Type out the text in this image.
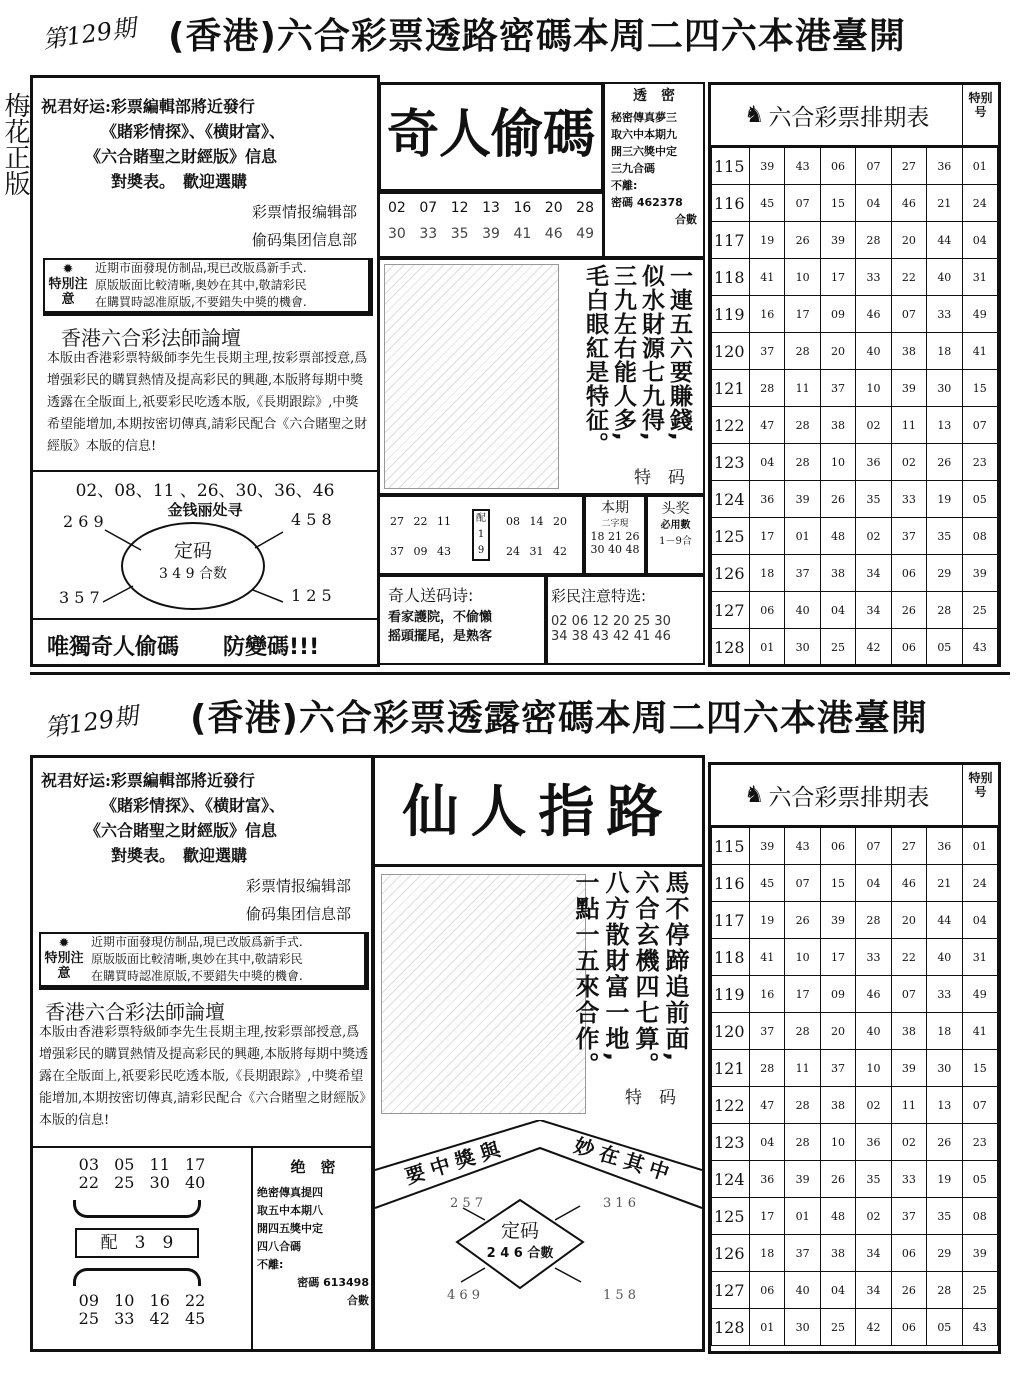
第129期 (香港)六合彩票透路密碼本周二四六本港臺開
梅花正版 祝君好运:彩票編輯部將近發行
《賭彩情探》、《横財富》、
《六合賭聖之財經版》信息
對奬表。　歡迎選購
彩票情报编辑部
偷码集团信息部
✹
特別注意
近期市面發現仿制品,現已改版爲新手式.
原版版面比較清晰,奥妙在其中,敬請彩民
在購買時認准原版,不要錯失中獎的機會.
香港六合彩法師論壇
本版由香港彩票特級師李先生長期主理,按彩票部授意,爲增强彩民的購買熱情及提高彩民的興趣,本版將每期中獎透露在全版面上,祇要彩民吃透本版,《長期跟踪》,中獎希望能增加,本期按密切傳真,請彩民配合《六合賭聖之財經版》本版的信息!
02、08、11 、26、30、36、46
金钱丽处寻
2 6 9	4 5 8
3 5 7	1 2 5
定码
3 4 9 合数
唯獨奇人偷碼　　防變碼!!!
奇人偷碼
02 07 12 13 16 20 28
30 33 35 39 41 46 49
透　密
秘密傳真夢三
取六中本期九
開三六獎中定
三九合碼
不離:
密碼 462378
合數
一連五六要賺錢,
似水財源七九得,
三九左右能人多,
毛白眼紅是特征。
特　码
27 22 11
37 09 43
配
1
9
08 14 20
24 31 42
本期
二字現
18 21 26
30 40 48
头奖
必用數
1－9合
奇人送码诗:
看家護院，不偷懶
摇頭擺尾，是熟客
彩民注意特选:
02 06 12 20 25 30
34 38 43 42 41 46
♞ 六合彩票排期表
特别号
115	39	43	06	07	27	36	01
116	45	07	15	04	46	21	24
117	19	26	39	28	20	44	04
118	41	10	17	33	22	40	31
119	16	17	09	46	07	33	49
120	37	28	20	40	38	18	41
121	28	11	37	10	39	30	15
122	47	28	38	02	11	13	07
123	04	28	10	36	02	26	23
124	36	39	26	35	33	19	05
125	17	01	48	02	37	35	08
126	18	37	38	34	06	29	39
127	06	40	04	34	26	28	25
128	01	30	25	42	06	05	43
第129期 (香港)六合彩票透露密碼本周二四六本港臺開
祝君好运:彩票編輯部將近發行
《賭彩情探》、《横財富》、
《六合賭聖之財經版》信息
對奬表。　歡迎選購
彩票情报编辑部
偷码集团信息部
✹
特別注意
近期市面發現仿制品,現已改版爲新手式.
原版版面比較清晰,奥妙在其中,敬請彩民
在購買時認准原版,不要錯失中獎的機會.
香港六合彩法師論壇
本版由香港彩票特級師李先生長期主理,按彩票部授意,爲增强彩民的購買熱情及提高彩民的興趣,本版將每期中獎透露在全版面上,祇要彩民吃透本版,《長期跟踪》,中獎希望能增加,本期按密切傳真,請彩民配合《六合賭聖之財經版》本版的信息!
03 05 11 17
22 25 30 40
配　3　9
09 10 16 22
25 33 42 45
绝　密
绝密傳真提四
取五中本期八
開四五獎中定
四八合碼
不離:
密碼 613498
合數
仙人指路
馬不停蹄追前面,
六合玄機四七算。
八方散財富一地,
一點一五來合作。
特　码
要中獎與	妙在其中
2 5 7	3 1 6
4 6 9	1 5 8
定码
2 4 6 合數
♞ 六合彩票排期表
特别号
115	39	43	06	07	27	36	01
116	45	07	15	04	46	21	24
117	19	26	39	28	20	44	04
118	41	10	17	33	22	40	31
119	16	17	09	46	07	33	49
120	37	28	20	40	38	18	41
121	28	11	37	10	39	30	15
122	47	28	38	02	11	13	07
123	04	28	10	36	02	26	23
124	36	39	26	35	33	19	05
125	17	01	48	02	37	35	08
126	18	37	38	34	06	29	39
127	06	40	04	34	26	28	25
128	01	30	25	42	06	05	43
